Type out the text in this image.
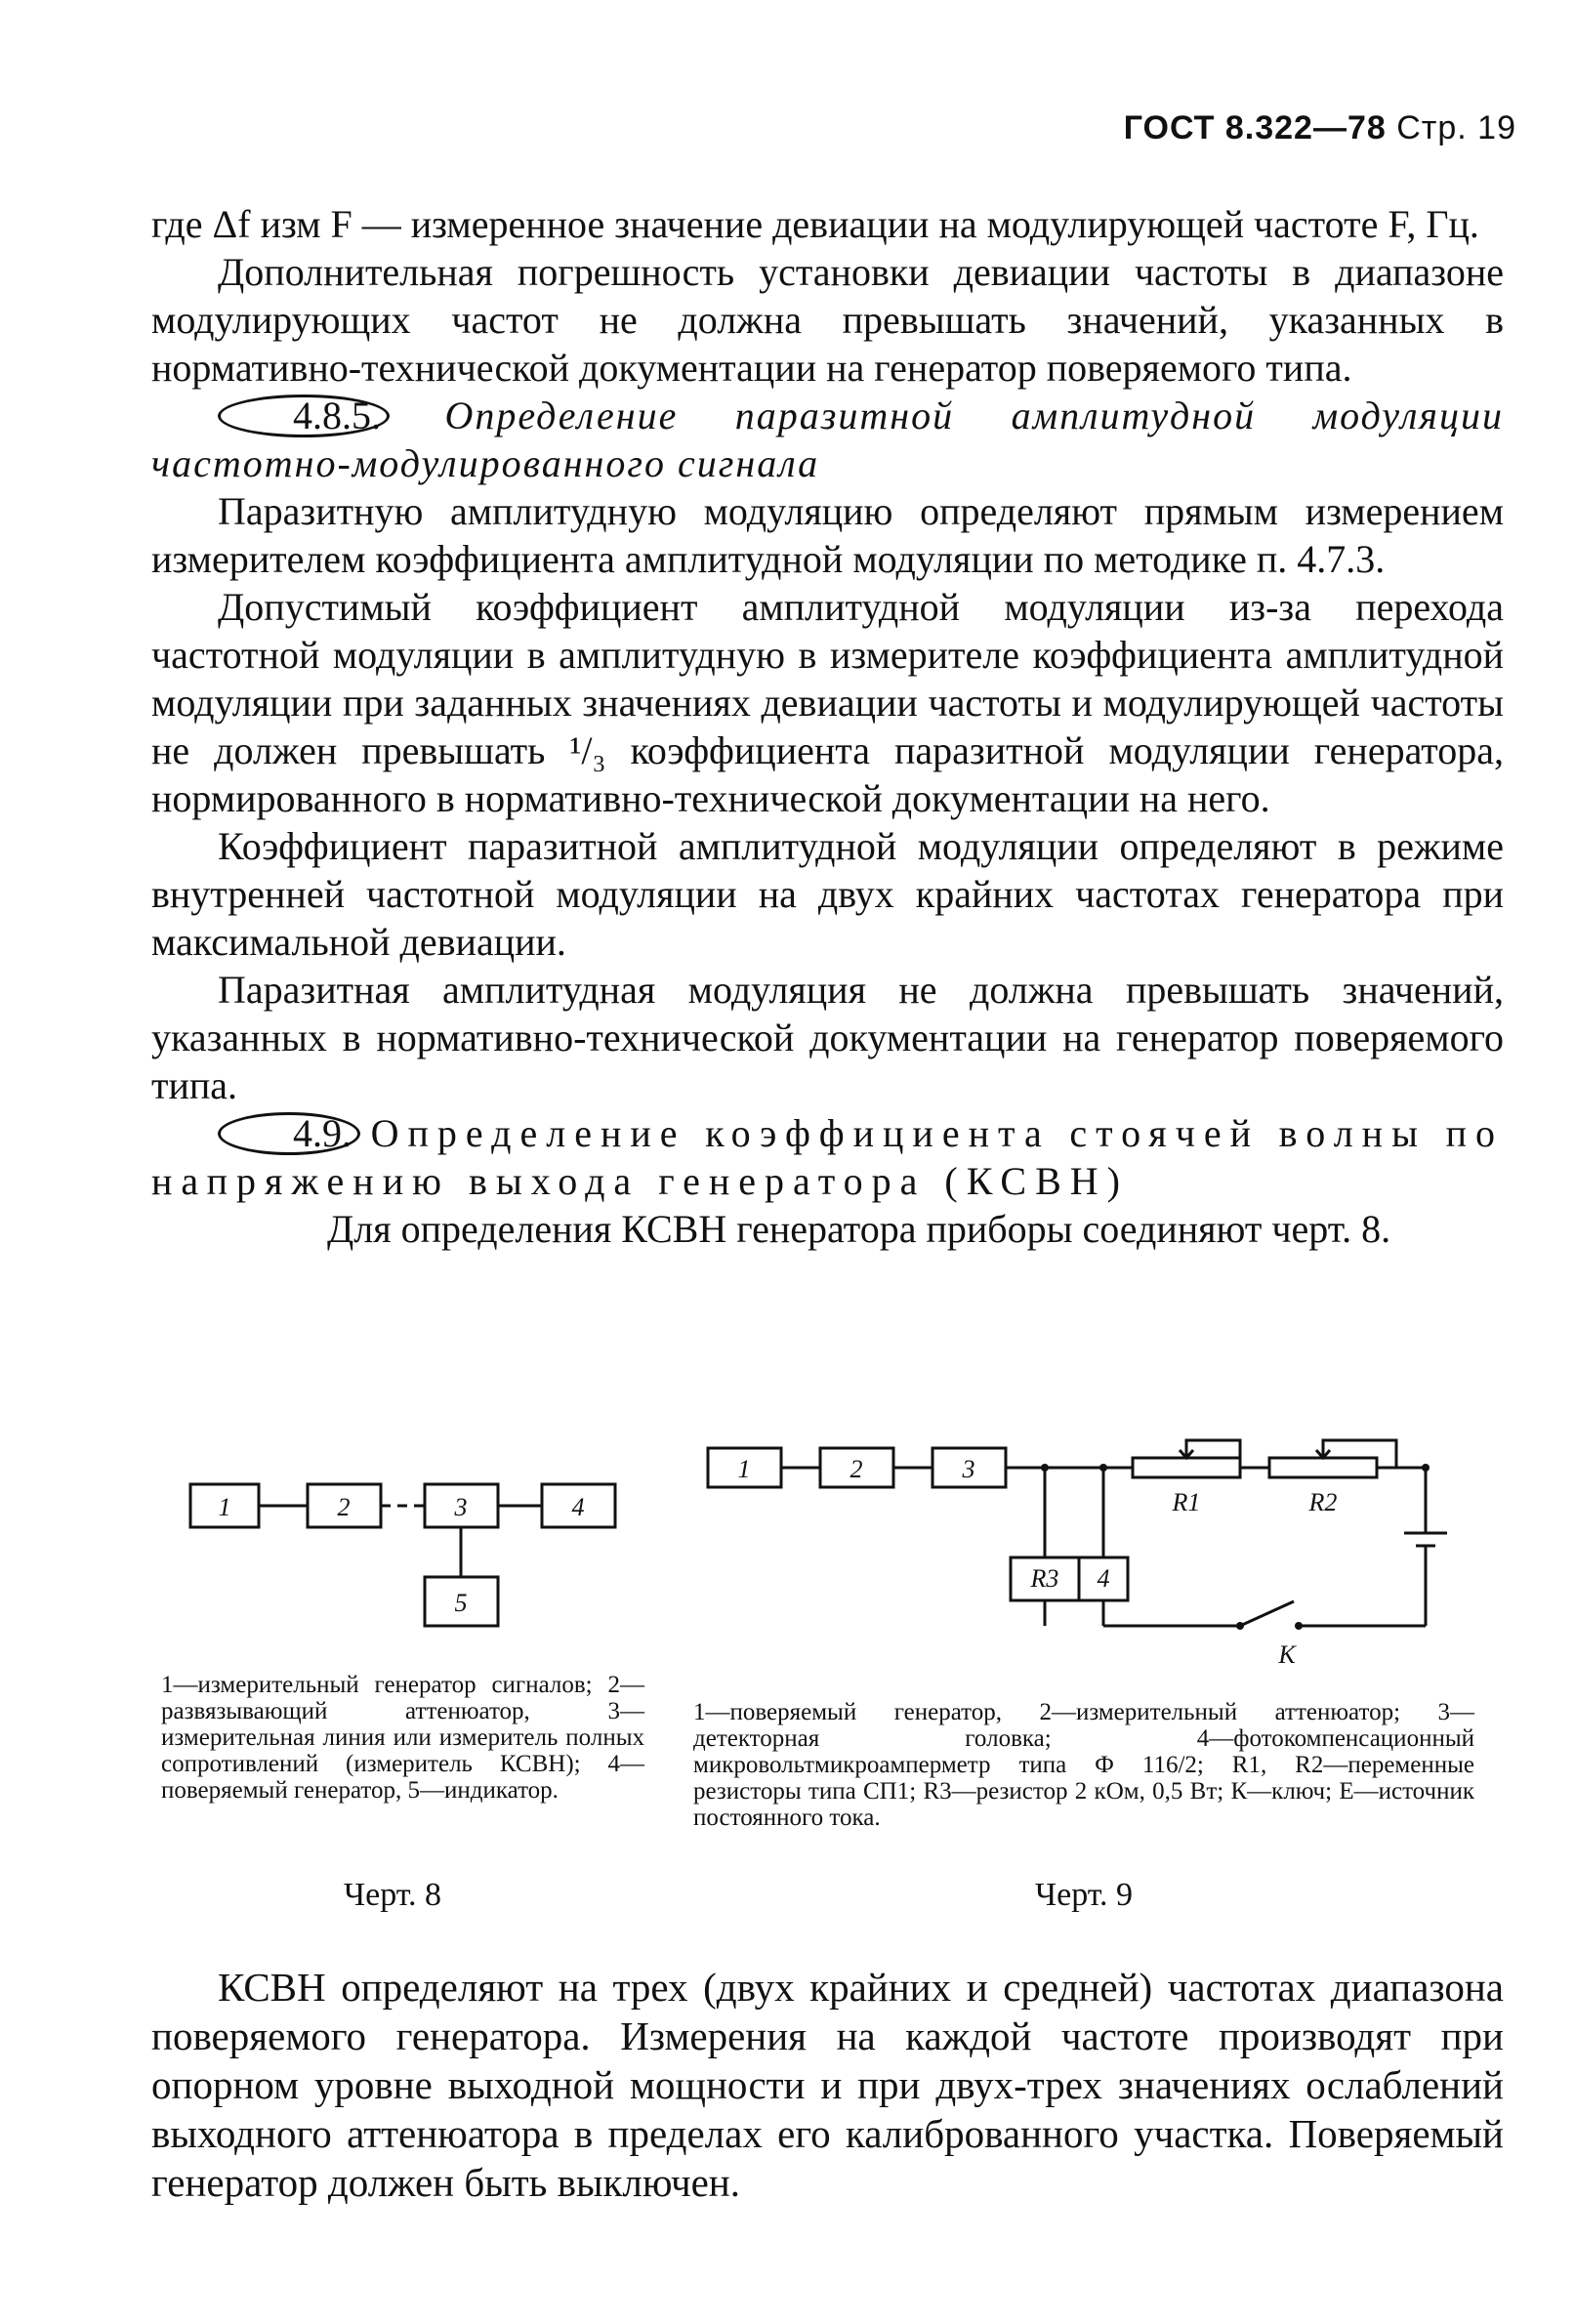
ГОСТ 8.322—78 Стр. 19

где Δf изм F — измеренное значение девиации на модулирующей частоте F, Гц.

Дополнительная погрешность установки девиации частоты в диапазоне модулирующих частот не должна превышать значений, указанных в нормативно-технической документации на генератор поверяемого типа.

4.8.5. Определение паразитной амплитудной модуляции частотно-модулированного сигнала

Паразитную амплитудную модуляцию определяют прямым измерением измерителем коэффициента амплитудной модуляции по методике п. 4.7.3.

Допустимый коэффициент амплитудной модуляции из-за перехода частотной модуляции в амплитудную в измерителе коэффициента амплитудной модуляции при заданных значениях девиации частоты и модулирующей частоты не должен превышать ¹/₃ коэффициента паразитной модуляции генератора, нормированного в нормативно-технической документации на него.

Коэффициент паразитной амплитудной модуляции определяют в режиме внутренней частотной модуляции на двух крайних частотах генератора при максимальной девиации.

Паразитная амплитудная модуляция не должна превышать значений, указанных в нормативно-технической документации на генератор поверяемого типа.

4.9. Определение коэффициента стоячей волны по напряжению выхода генератора (КСВН)

Для определения КСВН генератора приборы соединяют черт. 8.

1	2	3	4
5
1—измерительный генератор сигналов; 2—развязывающий аттенюатор, 3—измерительная линия или измеритель полных сопротивлений (измеритель КСВН); 4—поверяемый генератор, 5—индикатор.
Черт. 8
R1	R2
K
1	2	3
R3 4
1—поверяемый генератор, 2—измерительный аттенюатор; 3—детекторная головка; 4—фотокомпенсационный микровольтмикроамперметр типа Ф 116/2; R1, R2—переменные резисторы типа СП1; R3—резистор 2 кОм, 0,5 Вт; К—ключ; Е—источник постоянного тока.
Черт. 9

КСВН определяют на трех (двух крайних и средней) частотах диапазона поверяемого генератора. Измерения на каждой частоте производят при опорном уровне выходной мощности и при двух-трех значениях ослаблений выходного аттенюатора в пределах его калиброванного участка. Поверяемый генератор должен быть выключен.
